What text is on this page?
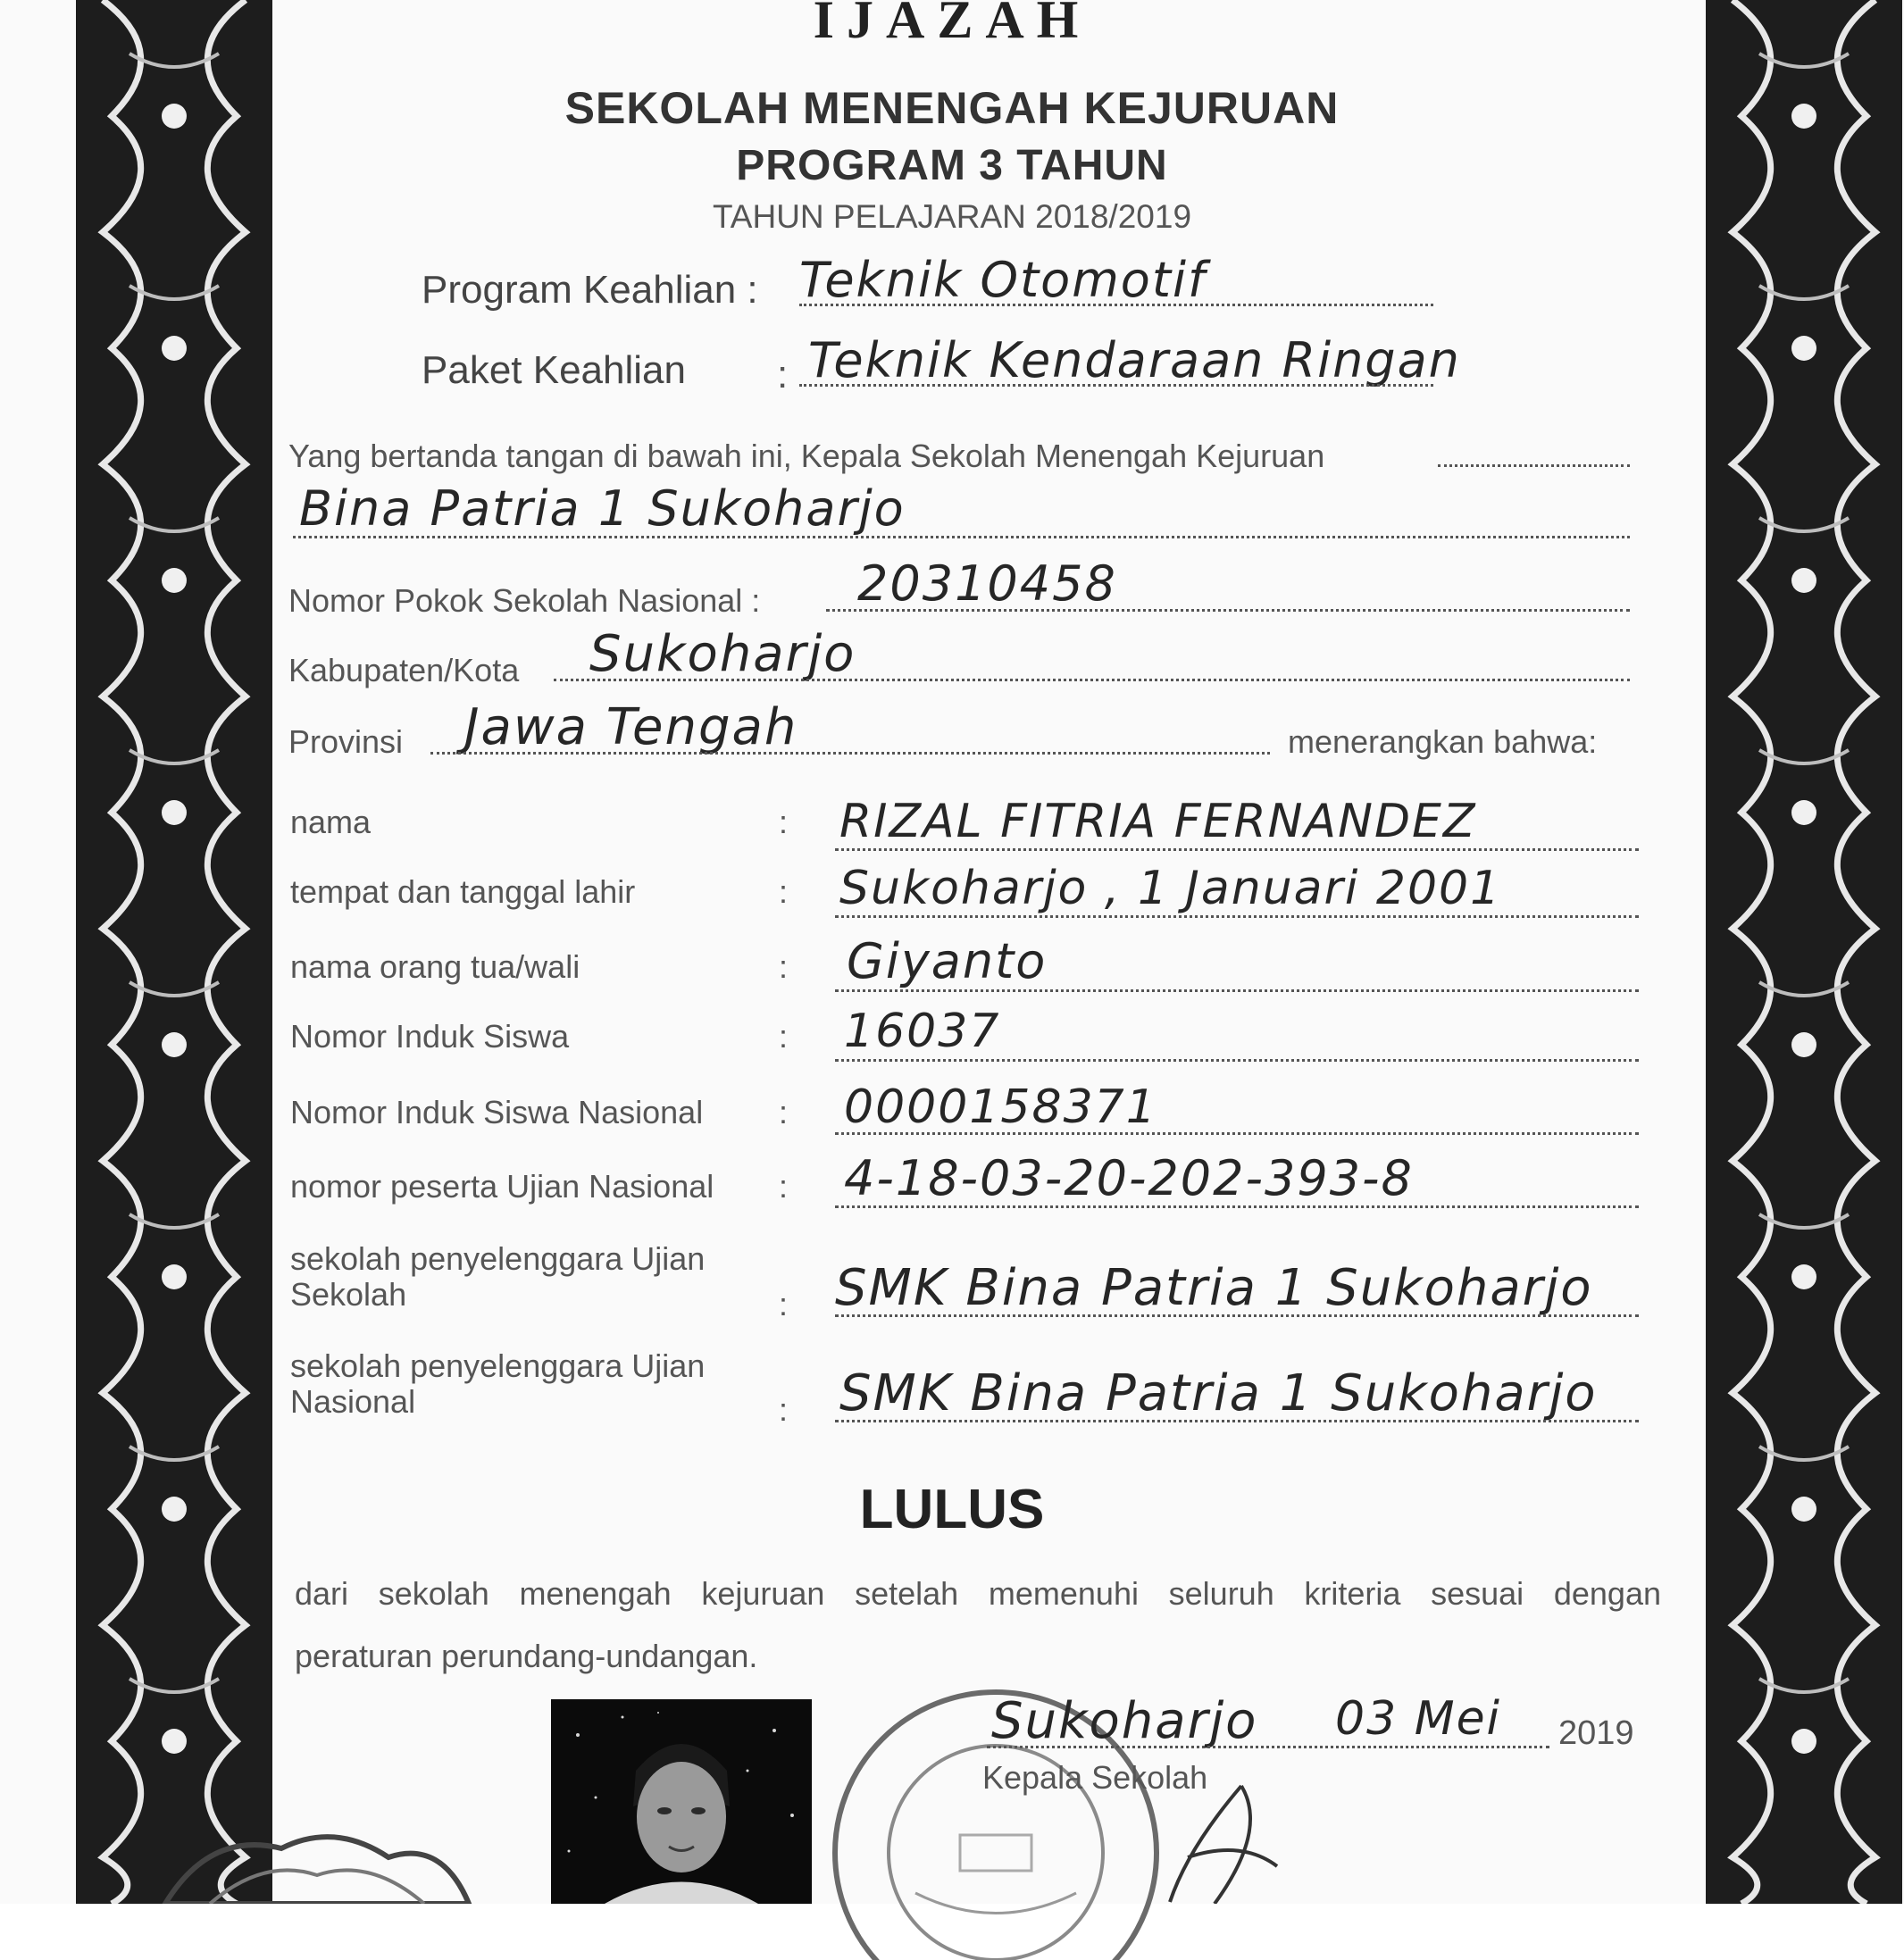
IJAZAH
SEKOLAH MENENGAH KEJURUAN
PROGRAM 3 TAHUN
TAHUN PELAJARAN 2018/2019
Program Keahlian : Teknik Otomotif
Paket Keahlian : Teknik Kendaraan Ringan
Yang bertanda tangan di bawah ini, Kepala Sekolah Menengah Kejuruan
Bina Patria 1 Sukoharjo
Nomor Pokok Sekolah Nasional : 20310458
Kabupaten/Kota Sukoharjo
Provinsi Jawa Tengah	menerangkan bahwa:
nama	: RIZAL FITRIA FERNANDEZ
tempat dan tanggal lahir	: Sukoharjo , 1 Januari 2001
nama orang tua/wali	: Giyanto
Nomor Induk Siswa	: 16037
Nomor Induk Siswa Nasional : 0000158371
nomor peserta Ujian Nasional : 4-18-03-20-202-393-8
sekolah penyelenggara Ujian
Sekolah	: SMK Bina Patria 1 Sukoharjo
sekolah penyelenggara Ujian
Nasional	: SMK Bina Patria 1 Sukoharjo
LULUS
dari sekolah menengah kejuruan setelah memenuhi seluruh kriteria sesuai dengan
peraturan perundang-undangan.
Sukoharjo 03 Mei 2019
Kepala Sekolah
